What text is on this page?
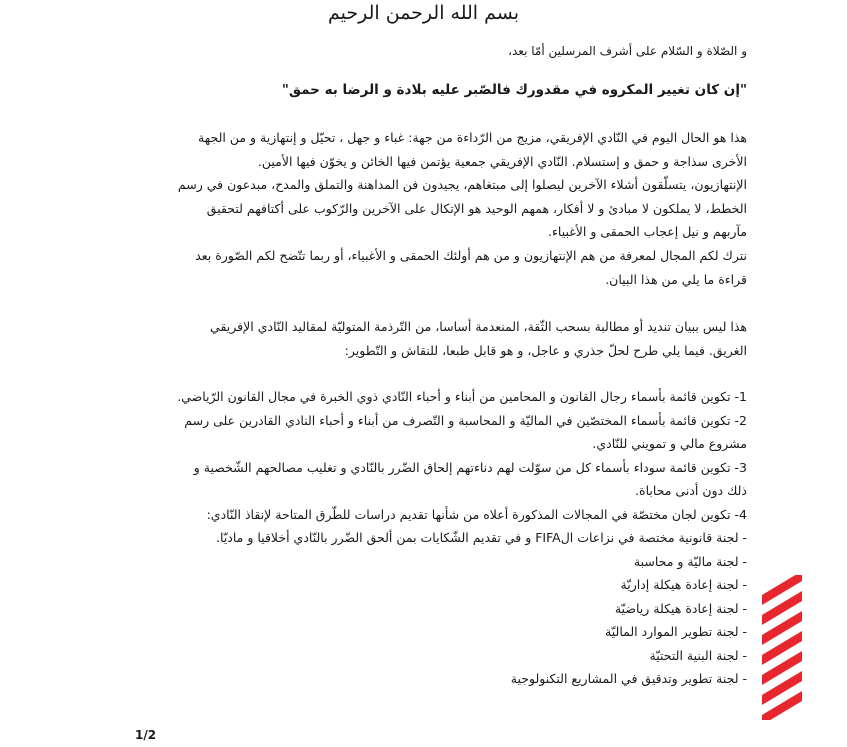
بسم الله الرحمن الرحيم
و الصّلاة و السّلام على أشرف المرسلين أمّا بعد،
"إن كان تغيير المكروه في مقدورك فالصّبر عليه بلادة و الرضا به حمق"

هذا هو الحال اليوم في النّادي الإفريقي، مزيج من الرّداءة من جهة: غباء و جهل ، تحيّل و إنتهازية و من الجهة

الأخرى سذاجة و حمق و إستسلام. النّادي الإفريقي جمعية يؤتمن فيها الخائن و يخوّن فيها الأمين.

الإنتهازيون، يتسلّقون أشلاء الآخرين ليصلوا إلى مبتغاهم، يجيدون فن المداهنة والتملق والمدح، مبدعون في رسم

الخطط، لا يملكون لا مبادئ و لا أفكار، همهم الوحيد هو الإتكال على الآخرين والرّكوب على أكتافهم لتحقيق

مآربهم و نيل إعجاب الحمقى و الأغبياء.

نترك لكم المجال لمعرفة من هم الإنتهازيون و من هم أولئك الحمقى و الأغبياء، أو ربما تتّضح لكم الصّورة بعد

قراءة ما يلي من هذا البيان.

هذا ليس ببيان تنديد أو مطالبة بسحب الثّقة، المنعدمة أساسا، من التّرذمة المتوليّة لمقاليد النّادي الإفريقي

الغريق. فيما يلي طرح لحلّ جذري و عاجل، و هو قابل طبعا، للنقاش و التّطوير:

1- تكوين قائمة بأسماء رجال القانون و المحامين من أبناء و أحباء النّادي ذوي الخبرة في مجال القانون الرّياضي.

2- تكوين قائمة بأسماء المختصّين في الماليّة و المحاسبة و التّصرف من أبناء و أحباء النادي القادرين على رسم

مشروع مالي و تمويني للنّادي.

3- تكوين قائمة سوداء بأسماء كل من سوّلت لهم دناءتهم إلحاق الضّرر بالنّادي و تغليب مصالحهم الشّخصية و

ذلك دون أدنى محاباة.

4- تكوين لجان مختصّة في المجالات المذكورة أعلاه من شأنها تقديم دراسات للطّرق المتاحة لإنقاذ النّادي:

- لجنة قانونية مختصة في نزاعات الFIFA و في تقديم الشّكايات بمن ألحق الضّرر بالنّادي أخلاقيا و ماديّا.

- لجنة ماليّة و محاسبة
- لجنة إعادة هيكلة إداريّة
- لجنة إعادة هيكلة رياضيّة
- لجنة تطوير الموارد الماليّة
- لجنة البنية التحتيّة
- لجنة تطوير وتدقيق في المشاريع التكنولوجية
1/2
